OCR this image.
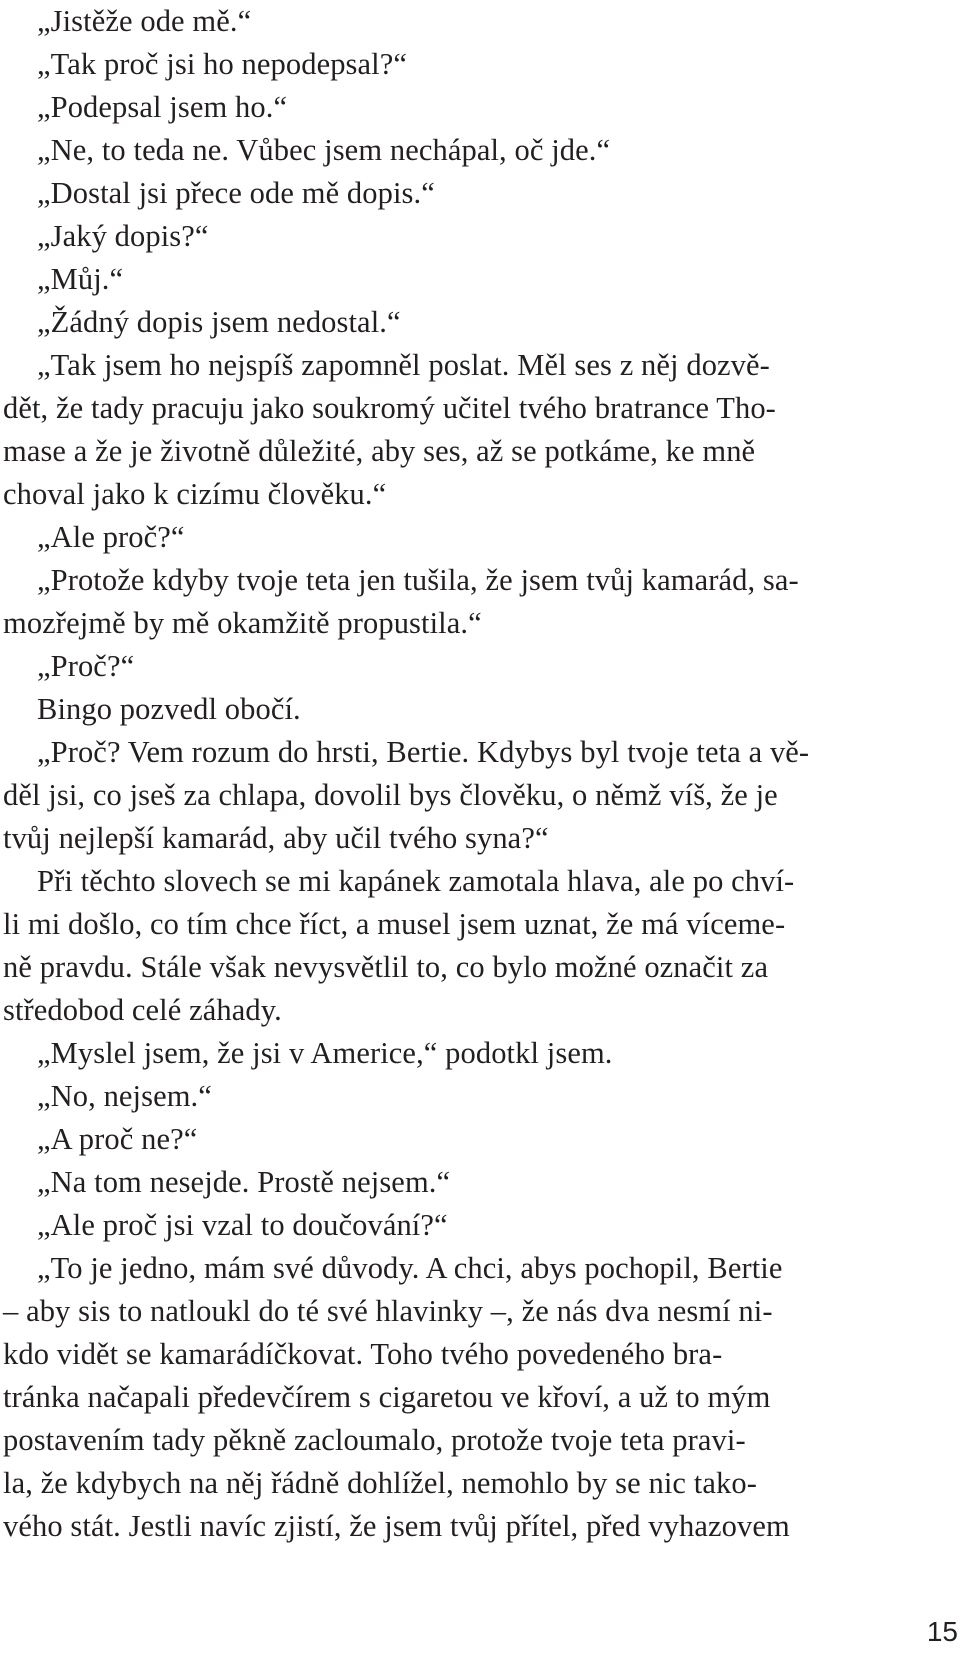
„Jistěže ode mě.“
„Tak proč jsi ho nepodepsal?“
„Podepsal jsem ho.“
„Ne, to teda ne. Vůbec jsem nechápal, oč jde.“
„Dostal jsi přece ode mě dopis.“
„Jaký dopis?“
„Můj.“
„Žádný dopis jsem nedostal.“
„Tak jsem ho nejspíš zapomněl poslat. Měl ses z něj dozvě-
dět, že tady pracuju jako soukromý učitel tvého bratrance Tho-
mase a že je životně důležité, aby ses, až se potkáme, ke mně
choval jako k cizímu člověku.“
„Ale proč?“
„Protože kdyby tvoje teta jen tušila, že jsem tvůj kamarád, sa-
mozřejmě by mě okamžitě propustila.“
„Proč?“
Bingo pozvedl obočí.
„Proč? Vem rozum do hrsti, Bertie. Kdybys byl tvoje teta a vě-
děl jsi, co jseš za chlapa, dovolil bys člověku, o němž víš, že je
tvůj nejlepší kamarád, aby učil tvého syna?“
Při těchto slovech se mi kapánek zamotala hlava, ale po chví-
li mi došlo, co tím chce říct, a musel jsem uznat, že má víceme-
ně pravdu. Stále však nevysvětlil to, co bylo možné označit za
středobod celé záhady.
„Myslel jsem, že jsi v Americe,“ podotkl jsem.
„No, nejsem.“
„A proč ne?“
„Na tom nesejde. Prostě nejsem.“
„Ale proč jsi vzal to doučování?“
„To je jedno, mám své důvody. A chci, abys pochopil, Bertie
– aby sis to natloukl do té své hlavinky –, že nás dva nesmí ni-
kdo vidět se kamarádíčkovat. Toho tvého povedeného bra-
tránka načapali předevčírem s cigaretou ve křoví, a už to mým
postavením tady pěkně zacloumalo, protože tvoje teta pravi-
la, že kdybych na něj řádně dohlížel, nemohlo by se nic tako-
vého stát. Jestli navíc zjistí, že jsem tvůj přítel, před vyhazovem
15
